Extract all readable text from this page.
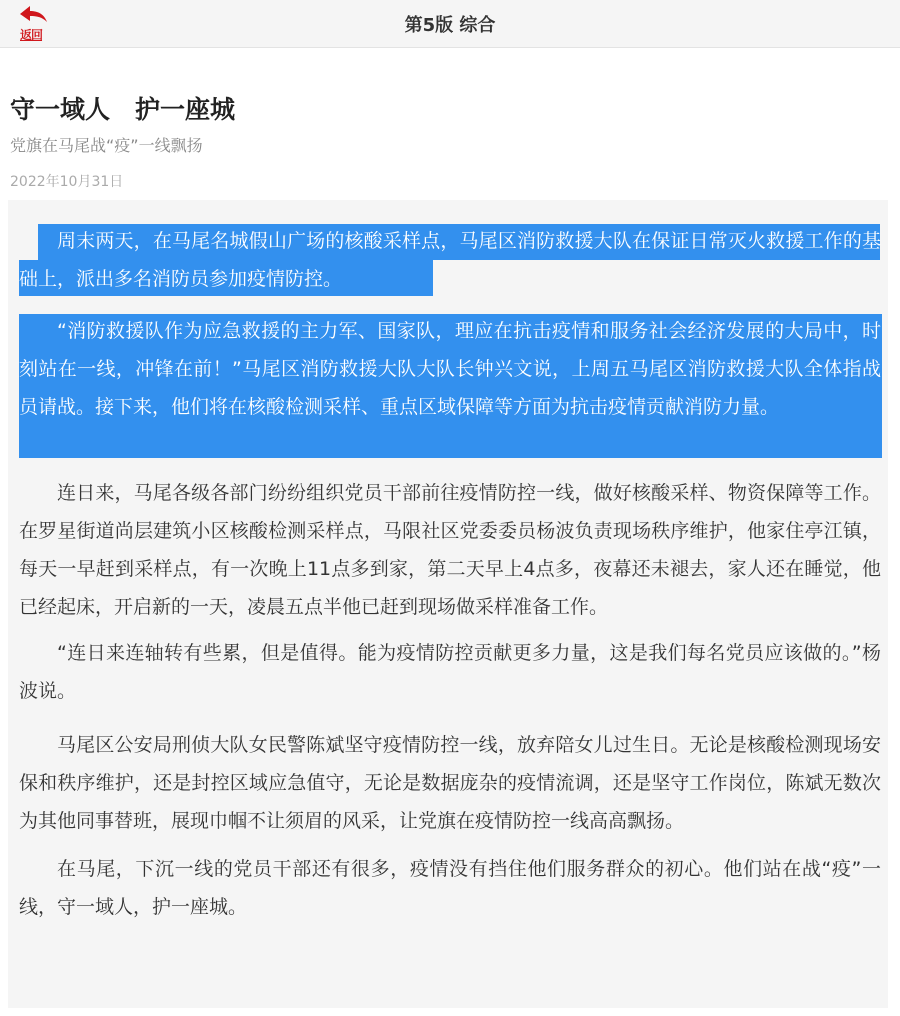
返回	第5版 综合
守一域人　护一座城
党旗在马尾战“疫”一线飘扬
2022年10月31日

周末两天，在马尾名城假山广场的核酸采样点，马尾区消防救援大队在保证日常灭火救援工作的基础上，派出多名消防员参加疫情防控。

“消防救援队作为应急救援的主力军、国家队，理应在抗击疫情和服务社会经济发展的大局中，时刻站在一线，冲锋在前！”马尾区消防救援大队大队长钟兴文说，上周五马尾区消防救援大队全体指战员请战。接下来，他们将在核酸检测采样、重点区域保障等方面为抗击疫情贡献消防力量。

连日来，马尾各级各部门纷纷组织党员干部前往疫情防控一线，做好核酸采样、物资保障等工作。在罗星街道尚层建筑小区核酸检测采样点，马限社区党委委员杨波负责现场秩序维护，他家住亭江镇，每天一早赶到采样点，有一次晚上11点多到家，第二天早上4点多，夜幕还未褪去，家人还在睡觉，他已经起床，开启新的一天，凌晨五点半他已赶到现场做采样准备工作。

“连日来连轴转有些累，但是值得。能为疫情防控贡献更多力量，这是我们每名党员应该做的。”杨波说。

马尾区公安局刑侦大队女民警陈斌坚守疫情防控一线，放弃陪女儿过生日。无论是核酸检测现场安保和秩序维护，还是封控区域应急值守，无论是数据庞杂的疫情流调，还是坚守工作岗位，陈斌无数次为其他同事替班，展现巾帼不让须眉的风采，让党旗在疫情防控一线高高飘扬。

在马尾，下沉一线的党员干部还有很多，疫情没有挡住他们服务群众的初心。他们站在战“疫”一线，守一域人，护一座城。
